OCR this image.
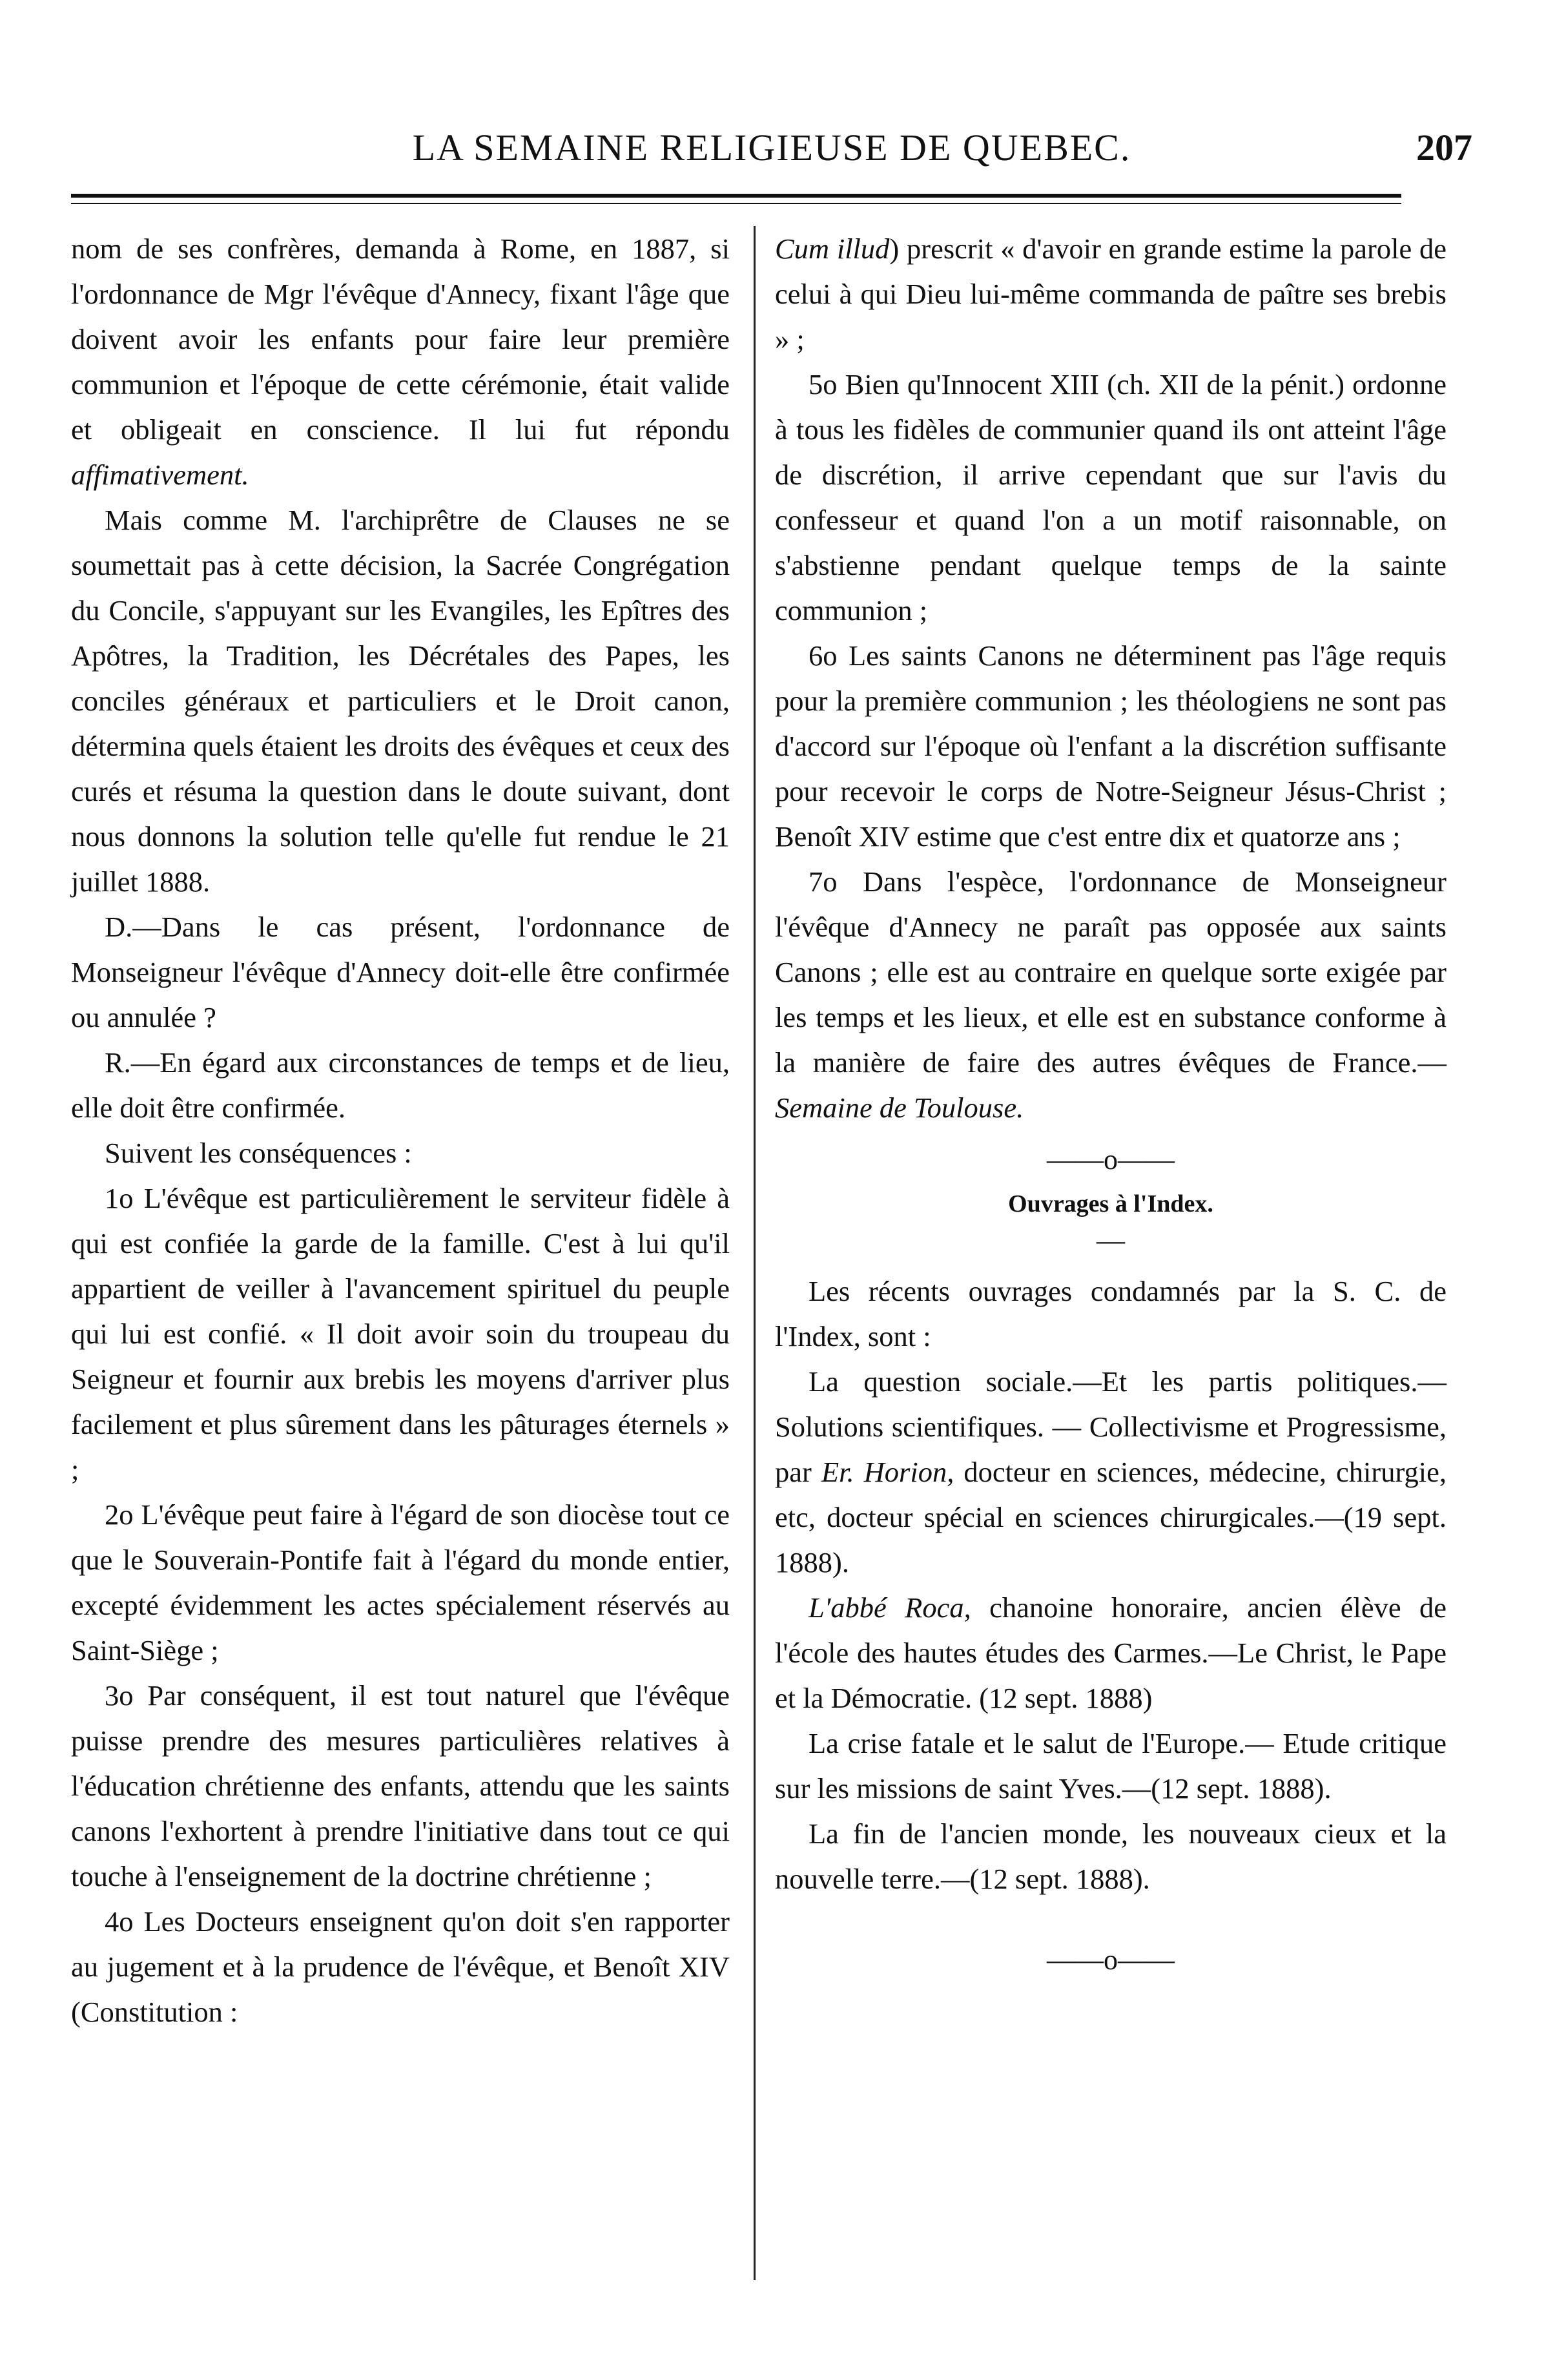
LA SEMAINE RELIGIEUSE DE QUEBEC.	207

nom de ses confrères, demanda à Rome, en 1887, si l'ordonnance de Mgr l'évêque d'Annecy, fixant l'âge que doivent avoir les enfants pour faire leur première communion et l'époque de cette cérémonie, était valide et obligeait en conscience. Il lui fut répondu affimativement.

Mais comme M. l'archiprêtre de Clauses ne se soumettait pas à cette décision, la Sacrée Congrégation du Concile, s'appuyant sur les Evangiles, les Epîtres des Apôtres, la Tradition, les Décrétales des Papes, les conciles généraux et particuliers et le Droit canon, détermina quels étaient les droits des évêques et ceux des curés et résuma la question dans le doute suivant, dont nous donnons la solution telle qu'elle fut rendue le 21 juillet 1888.

D.—Dans le cas présent, l'ordonnance de Monseigneur l'évêque d'Annecy doit-elle être confirmée ou annulée ?

R.—En égard aux circonstances de temps et de lieu, elle doit être confirmée.

Suivent les conséquences :

1o L'évêque est particulièrement le serviteur fidèle à qui est confiée la garde de la famille. C'est à lui qu'il appartient de veiller à l'avancement spirituel du peuple qui lui est confié. « Il doit avoir soin du troupeau du Seigneur et fournir aux brebis les moyens d'arriver plus facilement et plus sûrement dans les pâturages éternels » ;

2o L'évêque peut faire à l'égard de son diocèse tout ce que le Souverain-Pontife fait à l'égard du monde entier, excepté évidemment les actes spécialement réservés au Saint-Siège ;

3o Par conséquent, il est tout naturel que l'évêque puisse prendre des mesures particulières relatives à l'éducation chrétienne des enfants, attendu que les saints canons l'exhortent à prendre l'initiative dans tout ce qui touche à l'enseignement de la doctrine chrétienne ;

4o Les Docteurs enseignent qu'on doit s'en rapporter au jugement et à la prudence de l'évêque, et Benoît XIV (Constitution :

Cum illud) prescrit « d'avoir en grande estime la parole de celui à qui Dieu lui-même commanda de paître ses brebis » ;

5o Bien qu'Innocent XIII (ch. XII de la pénit.) ordonne à tous les fidèles de communier quand ils ont atteint l'âge de discrétion, il arrive cependant que sur l'avis du confesseur et quand l'on a un motif raisonnable, on s'abstienne pendant quelque temps de la sainte communion ;

6o Les saints Canons ne déterminent pas l'âge requis pour la première communion ; les théologiens ne sont pas d'accord sur l'époque où l'enfant a la discrétion suffisante pour recevoir le corps de Notre-Seigneur Jésus-Christ ; Benoît XIV estime que c'est entre dix et quatorze ans ;

7o Dans l'espèce, l'ordonnance de Monseigneur l'évêque d'Annecy ne paraît pas opposée aux saints Canons ; elle est au contraire en quelque sorte exigée par les temps et les lieux, et elle est en substance conforme à la manière de faire des autres évêques de France.—Semaine de Toulouse.

——o——
Ouvrages à l'Index.
—

Les récents ouvrages condamnés par la S. C. de l'Index, sont :

La question sociale.—Et les partis politiques.— Solutions scientifiques. — Collectivisme et Progressisme, par Er. Horion, docteur en sciences, médecine, chirurgie, etc, docteur spécial en sciences chirurgicales.—(19 sept. 1888).

L'abbé Roca, chanoine honoraire, ancien élève de l'école des hautes études des Carmes.—Le Christ, le Pape et la Démocratie. (12 sept. 1888)

La crise fatale et le salut de l'Europe.— Etude critique sur les missions de saint Yves.—(12 sept. 1888).

La fin de l'ancien monde, les nouveaux cieux et la nouvelle terre.—(12 sept. 1888).

——o——
